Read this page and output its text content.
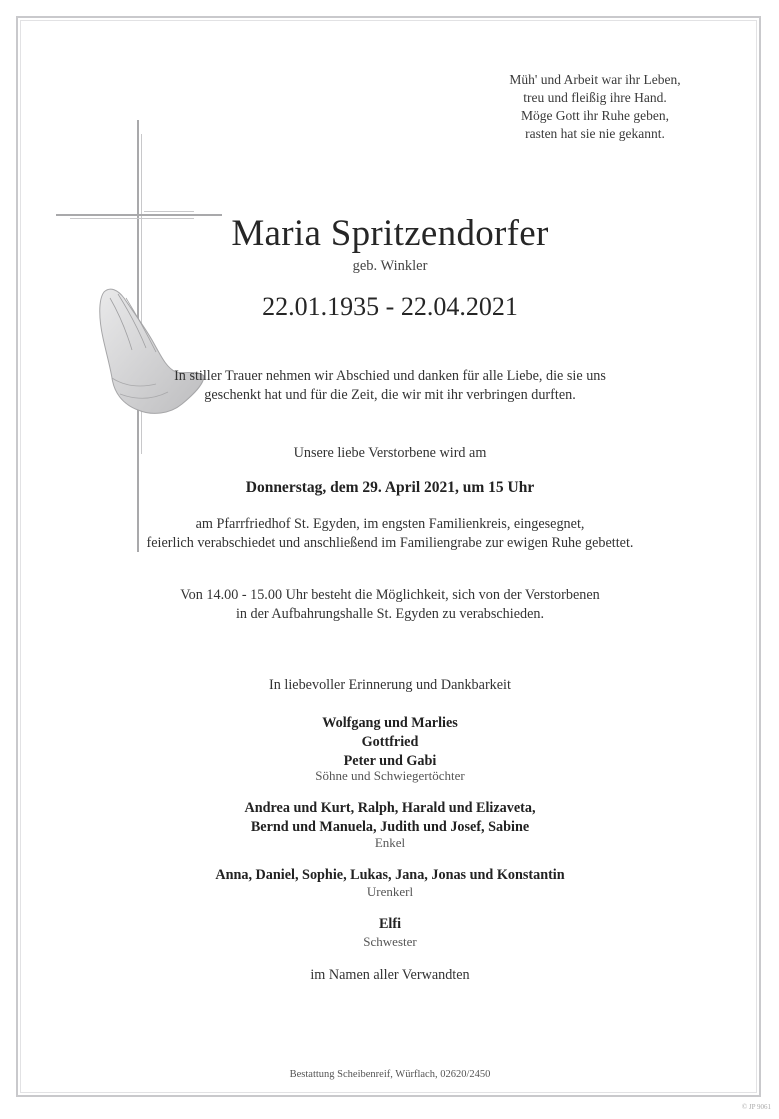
Müh' und Arbeit war ihr Leben,
treu und fleißig ihre Hand.
Möge Gott ihr Ruhe geben,
rasten hat sie nie gekannt.
Maria Spritzendorfer
geb. Winkler
22.01.1935 - 22.04.2021
In stiller Trauer nehmen wir Abschied und danken für alle Liebe, die sie uns
geschenkt hat und für die Zeit, die wir mit ihr verbringen durften.
Unsere liebe Verstorbene wird am
Donnerstag, dem 29. April 2021, um 15 Uhr
am Pfarrfriedhof St. Egyden, im engsten Familienkreis, eingesegnet,
feierlich verabschiedet und anschließend im Familiengrabe zur ewigen Ruhe gebettet.
Von 14.00 - 15.00 Uhr besteht die Möglichkeit, sich von der Verstorbenen
in der Aufbahrungshalle St. Egyden zu verabschieden.
In liebevoller Erinnerung und Dankbarkeit
Wolfgang und Marlies
Gottfried
Peter und Gabi
Söhne und Schwiegertöchter
Andrea und Kurt, Ralph, Harald und Elizaveta,
Bernd und Manuela, Judith und Josef, Sabine
Enkel
Anna, Daniel, Sophie, Lukas, Jana, Jonas und Konstantin
Urenkerl
Elfi
Schwester
im Namen aller Verwandten
Bestattung Scheibenreif, Würflach, 02620/2450
© JP 9061
